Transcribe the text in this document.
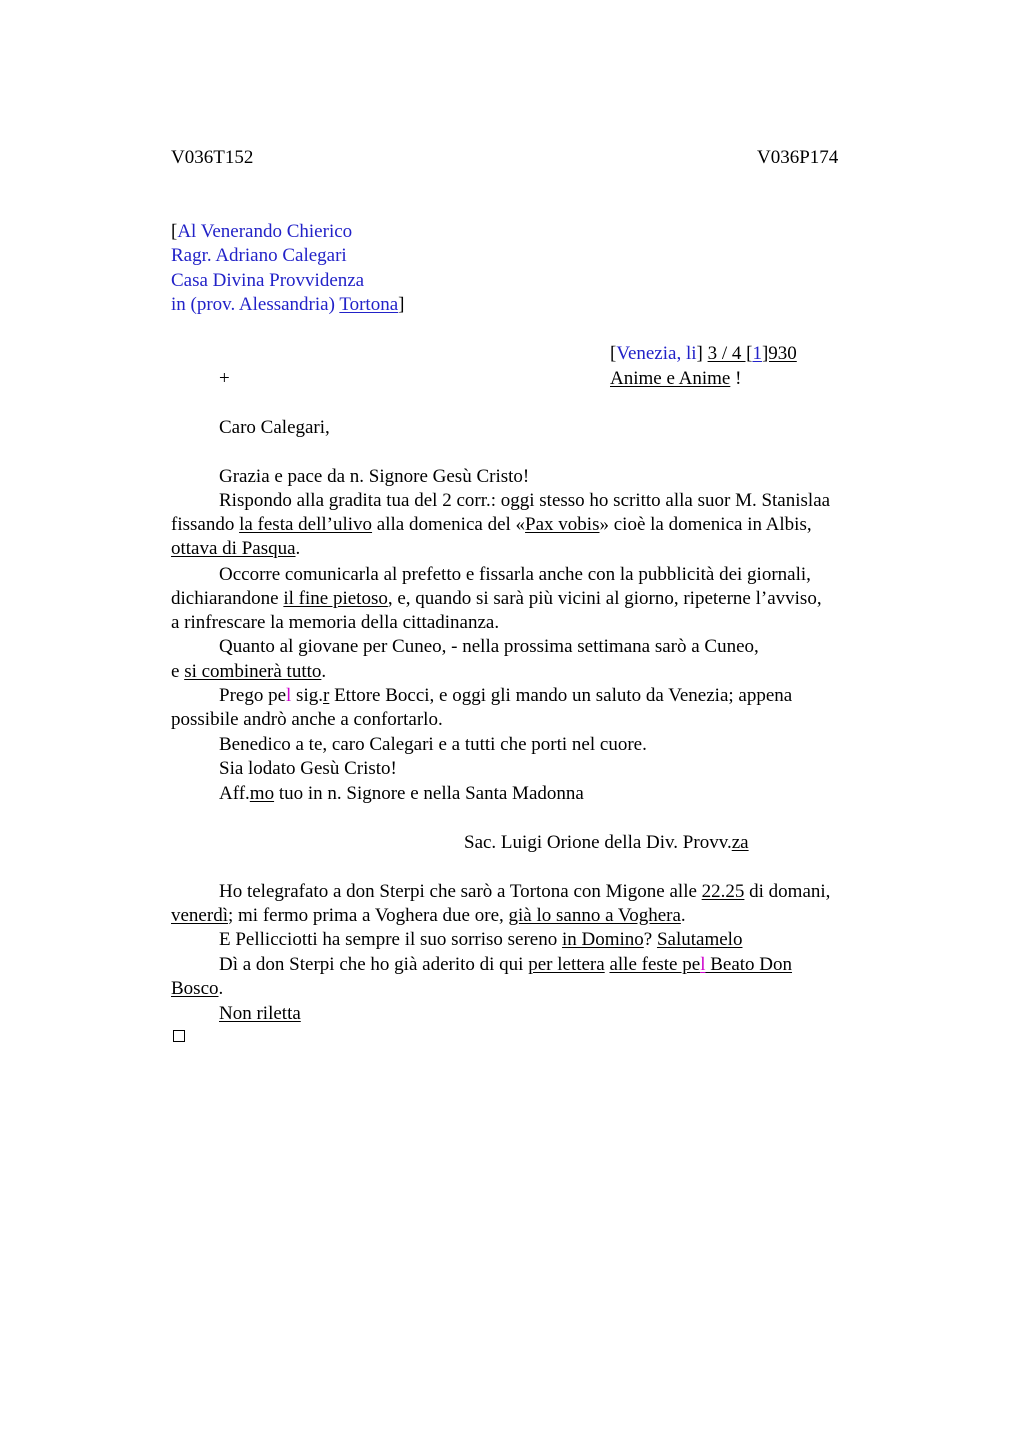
V036T152	V036P174
[Al Venerando Chierico
Ragr. Adriano Calegari
Casa Divina Provvidenza
in (prov. Alessandria) Tortona]
[Venezia, li] 3 / 4 [1]930
+	Anime e Anime !
Caro Calegari,
Grazia e pace da n. Signore Gesù Cristo!
Rispondo alla gradita tua del 2 corr.: oggi stesso ho scritto alla suor M. Stanislaa
fissando la festa dell’ulivo alla domenica del «Pax vobis» cioè la domenica in Albis,
ottava di Pasqua.
Occorre comunicarla al prefetto e fissarla anche con la pubblicità dei giornali,
dichiarandone il fine pietoso, e, quando si sarà più vicini al giorno, ripeterne l’avviso,
a rinfrescare la memoria della cittadinanza.
Quanto al giovane per Cuneo, - nella prossima settimana sarò a Cuneo,
e si combinerà tutto.
Prego pel sig.r Ettore Bocci, e oggi gli mando un saluto da Venezia; appena
possibile andrò anche a confortarlo.
Benedico a te, caro Calegari e a tutti che porti nel cuore.
Sia lodato Gesù Cristo!
Aff.mo tuo in n. Signore e nella Santa Madonna
Sac. Luigi Orione della Div. Provv.za
Ho telegrafato a don Sterpi che sarò a Tortona con Migone alle 22.25 di domani,
venerdì; mi fermo prima a Voghera due ore, già lo sanno a Voghera.
E Pellicciotti ha sempre il suo sorriso sereno in Domino? Salutamelo
Dì a don Sterpi che ho già aderito di qui per lettera alle feste pel Beato Don
Bosco.
Non riletta
